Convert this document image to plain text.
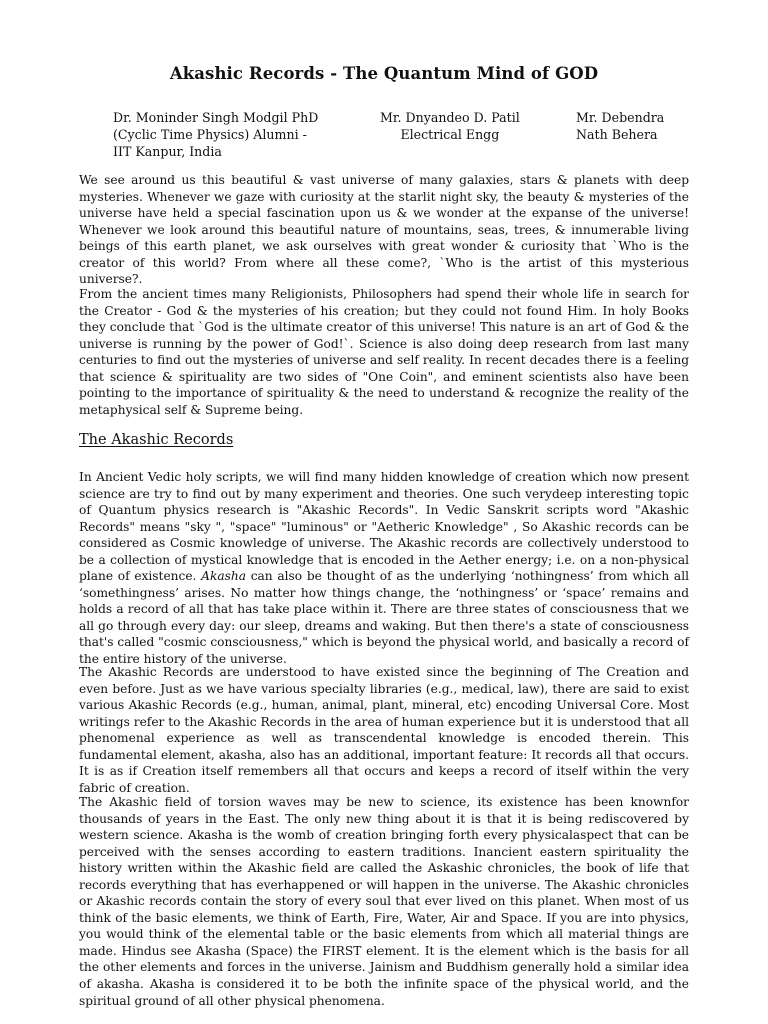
Akashic Records - The Quantum Mind of GOD
Dr. Moninder Singh Modgil PhD
(Cyclic Time Physics) Alumni -
IIT Kanpur, India
Mr. Dnyandeo D. Patil
Electrical Engg
Mr. Debendra
Nath Behera

We see around us this beautiful & vast universe of many galaxies, stars & planets with deep mysteries. Whenever we gaze with curiosity at the starlit night sky, the beauty & mysteries of the universe have held a special fascination upon us & we wonder at the expanse of the universe! Whenever we look around this beautiful nature of mountains, seas, trees, & innumerable living beings of this earth planet, we ask ourselves with great wonder & curiosity that `Who is the creator of this world? From where all these come?, `Who is the artist of this mysterious universe?.

From the ancient times many Religionists, Philosophers had spend their whole life in search for the Creator - God & the mysteries of his creation; but they could not found Him. In holy Books they conclude that `God is the ultimate creator of this universe! This nature is an art of God & the universe is running by the power of God!`. Science is also doing deep research from last many centuries to find out the mysteries of universe and self reality. In recent decades there is a feeling that science & spirituality are two sides of "One Coin", and eminent scientists also have been pointing to the importance of spirituality & the need to understand & recognize the reality of the metaphysical self & Supreme being.

The Akashic Records

In Ancient Vedic holy scripts, we will find many hidden knowledge of creation which now present science are try to find out by many experiment and theories. One such verydeep interesting topic of Quantum physics research is "Akashic Records". In Vedic Sanskrit scripts word "Akashic Records" means "sky ", "space" "luminous" or "Aetheric Knowledge" , So Akashic records can be considered as Cosmic knowledge of universe. The Akashic records are collectively understood to be a collection of mystical knowledge that is encoded in the Aether energy; i.e. on a non-physical plane of existence. Akasha can also be thought of as the underlying ‘nothingness’ from which all ‘somethingness’ arises. No matter how things change, the ‘nothingness’ or ‘space’ remains and holds a record of all that has take place within it. There are three states of consciousness that we all go through every day: our sleep, dreams and waking. But then there's a state of consciousness that's called "cosmic consciousness," which is beyond the physical world, and basically a record of the entire history of the universe.

The Akashic Records are understood to have existed since the beginning of The Creation and even before. Just as we have various specialty libraries (e.g., medical, law), there are said to exist various Akashic Records (e.g., human, animal, plant, mineral, etc) encoding Universal Core. Most writings refer to the Akashic Records in the area of human experience but it is understood that all phenomenal experience as well as transcendental knowledge is encoded therein. This fundamental element, akasha, also has an additional, important feature: It records all that occurs. It is as if Creation itself remembers all that occurs and keeps a record of itself within the very fabric of creation.

The Akashic field of torsion waves may be new to science, its existence has been knownfor thousands of years in the East. The only new thing about it is that it is being rediscovered by western science. Akasha is the womb of creation bringing forth every physicalaspect that can be perceived with the senses according to eastern traditions. Inancient eastern spirituality the history written within the Akashic field are called the Askashic chronicles, the book of life that records everything that has everhappened or will happen in the universe. The Akashic chronicles or Akashic records contain the story of every soul that ever lived on this planet. When most of us think of the basic elements, we think of Earth, Fire, Water, Air and Space. If you are into physics, you would think of the elemental table or the basic elements from which all material things are made. Hindus see Akasha (Space) the FIRST element. It is the element which is the basis for all the other elements and forces in the universe. Jainism and Buddhism generally hold a similar idea of akasha. Akasha is considered it to be both the infinite space of the physical world, and the spiritual ground of all other physical phenomena.
